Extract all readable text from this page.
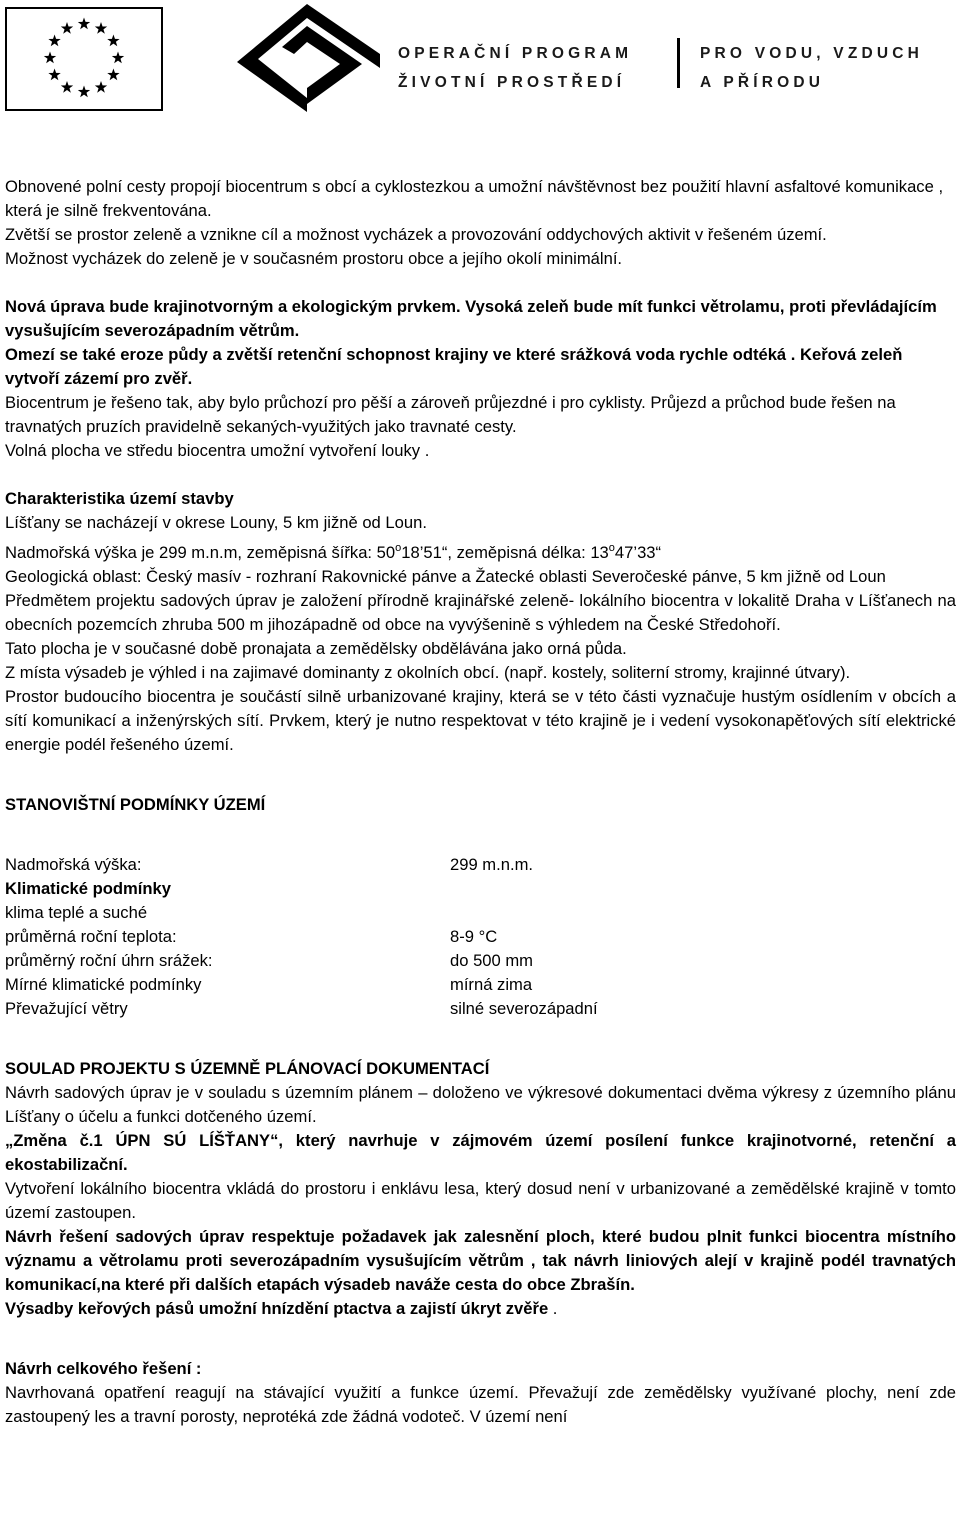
OPERAČNÍ PROGRAM
ŽIVOTNÍ PROSTŘEDÍ
PRO VODU, VZDUCH
A PŘÍRODU

Obnovené polní cesty propojí biocentrum s obcí a cyklostezkou a umožní návštěvnost bez použití hlavní asfaltové komunikace , která je silně frekventována.

Zvětší se prostor zeleně a vznikne cíl a možnost vycházek a provozování oddychových aktivit v řešeném území.

Možnost vycházek do zeleně je v současném prostoru obce a jejího okolí minimální.

Nová úprava bude krajinotvorným a ekologickým prvkem. Vysoká zeleň bude mít funkci větrolamu, proti převládajícím vysušujícím severozápadním větrům.

Omezí se také eroze půdy a zvětší retenční schopnost krajiny ve které srážková voda rychle odtéká . Keřová zeleň vytvoří zázemí pro zvěř.

Biocentrum je řešeno tak, aby bylo průchozí pro pěší a zároveň průjezdné i pro cyklisty. Průjezd a průchod bude řešen na travnatých pruzích pravidelně sekaných-využitých jako travnaté cesty.

Volná plocha ve středu biocentra umožní vytvoření louky .

Charakteristika území stavby

Líšťany se nacházejí v okrese Louny, 5 km jižně od Loun.

Nadmořská výška je 299 m.n.m, zeměpisná šířka: 50$^o$18’51“, zeměpisná délka: 13$^o$47’33“

Geologická oblast: Český masív - rozhraní Rakovnické pánve a Žatecké oblasti Severočeské pánve, 5 km jižně od Loun

Předmětem projektu sadových úprav je založení přírodně krajinářské zeleně- lokálního biocentra v lokalitě Draha v Líšťanech na obecních pozemcích zhruba 500 m jihozápadně od obce na vyvýšenině s výhledem na České Středohoří.

Tato plocha je v současné době pronajata a zemědělsky obdělávána jako orná půda.

Z místa výsadeb je výhled i na zajimavé dominanty z okolních obcí. (např. kostely, soliterní stromy, krajinné útvary).

Prostor budoucího biocentra je součástí silně urbanizované krajiny, která se v této části vyznačuje hustým osídlením v obcích a sítí komunikací a inženýrských sítí. Prvkem, který je nutno respektovat v této krajině je i vedení vysokonapěťových sítí elektrické energie podél řešeného území.

STANOVIŠTNÍ PODMÍNKY ÚZEMÍ

Nadmořská výška:	299 m.n.m.
Klimatické podmínky
klima teplé a suché
průměrná roční teplota:	8-9 °C
průměrný roční úhrn srážek:	do 500 mm
Mírné klimatické podmínky	mírná zima
Převažující větry	silné severozápadní

SOULAD PROJEKTU S ÚZEMNĚ PLÁNOVACÍ DOKUMENTACÍ

Návrh sadových úprav je v souladu s územním plánem – doloženo ve výkresové dokumentaci dvěma výkresy z územního plánu Líšťany o účelu a funkci dotčeného území.

„Změna č.1 ÚPN SÚ LÍŠŤANY“, který navrhuje v zájmovém území posílení funkce krajinotvorné, retenční a ekostabilizační.

Vytvoření lokálního biocentra vkládá do prostoru i enklávu lesa, který dosud není v urbanizované a zemědělské krajině v tomto území zastoupen.

Návrh řešení sadových úprav respektuje požadavek jak zalesnění ploch, které budou plnit funkci biocentra místního významu a větrolamu proti severozápadním vysušujícím větrům , tak návrh liniových alejí v krajině podél travnatých komunikací,na které při dalších etapách výsadeb naváže cesta do obce Zbrašín.

Výsadby keřových pásů umožní hnízdění ptactva a zajistí úkryt zvěře .

Návrh celkového řešení :

Navrhovaná opatření reagují na stávající využití a funkce území. Převažují zde zemědělsky využívané plochy, není zde zastoupený les a travní porosty, neprotéká zde žádná vodoteč. V území není
